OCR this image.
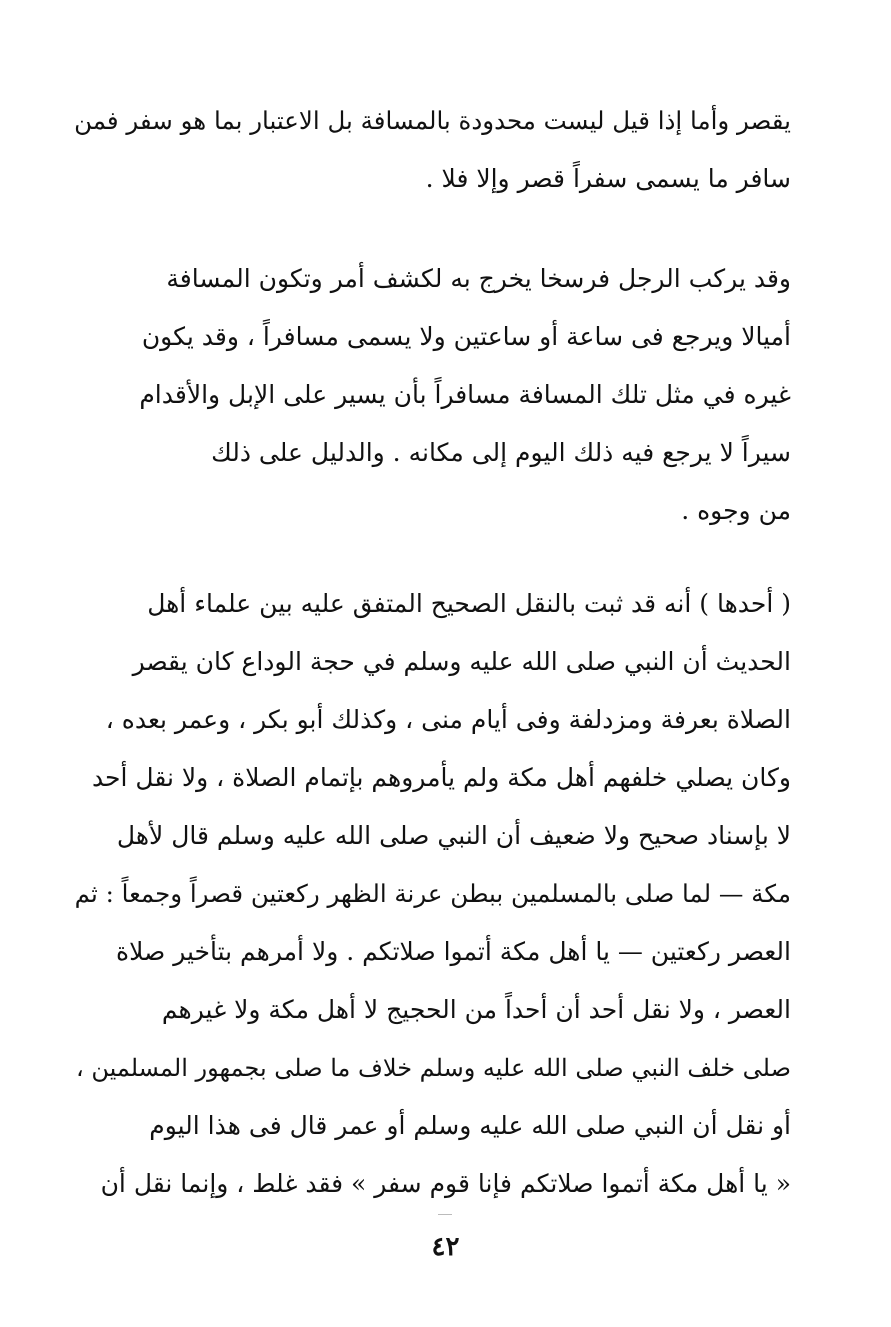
يقصر وأما إذا قيل ليست محدودة بالمسافة بل الاعتبار بما هو سفر فمن
سافر ما يسمى سفراً قصر وإلا فلا .
وقد يركب الرجل فرسخا يخرج به لكشف أمر وتكون المسافة
أميالا ويرجع فى ساعة أو ساعتين ولا يسمى مسافراً ، وقد يكون
غيره في مثل تلك المسافة مسافراً بأن يسير على الإبل والأقدام
سيراً لا يرجع فيه ذلك اليوم إلى مكانه . والدليل على ذلك
من وجوه .
( أحدها ) أنه قد ثبت بالنقل الصحيح المتفق عليه بين علماء أهل
الحديث أن النبي صلى الله عليه وسلم في حجة الوداع كان يقصر
الصلاة بعرفة ومزدلفة وفى أيام منى ، وكذلك أبو بكر ، وعمر بعده ،
وكان يصلي خلفهم أهل مكة ولم يأمروهم بإتمام الصلاة ، ولا نقل أحد
لا بإسناد صحيح ولا ضعيف أن النبي صلى الله عليه وسلم قال لأهل
مكة — لما صلى بالمسلمين ببطن عرنة الظهر ركعتين قصراً وجمعاً : ثم
العصر ركعتين — يا أهل مكة أتموا صلاتكم . ولا أمرهم بتأخير صلاة
العصر ، ولا نقل أحد أن أحداً من الحجيج لا أهل مكة ولا غيرهم
صلى خلف النبي صلى الله عليه وسلم خلاف ما صلى بجمهور المسلمين ،
أو نقل أن النبي صلى الله عليه وسلم أو عمر قال فى هذا اليوم
« يا أهل مكة أتموا صلاتكم فإنا قوم سفر » فقد غلط ، وإنما نقل أن
٤٢
